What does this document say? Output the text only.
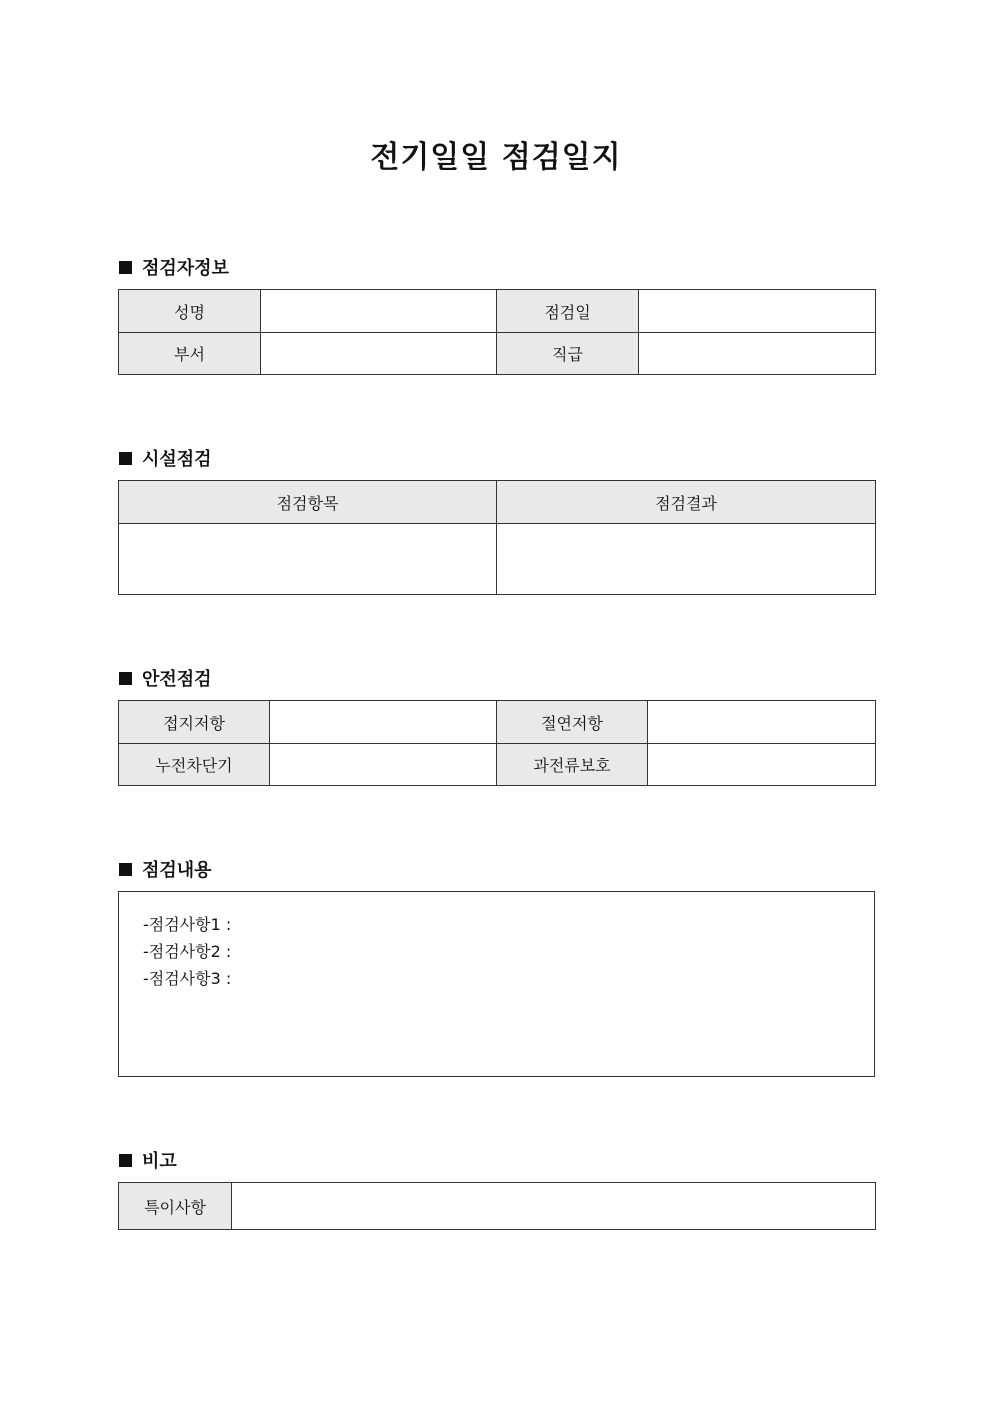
전기일일 점검일지
점검자정보
성명		점검일	
부서		직급	
시설점검
점검항목	점검결과

안전점검
접지저항		절연저항	
누전차단기		과전류보호	
점검내용
-점검사항1 :
-점검사항2 :
-점검사항3 :
비고
특이사항	
